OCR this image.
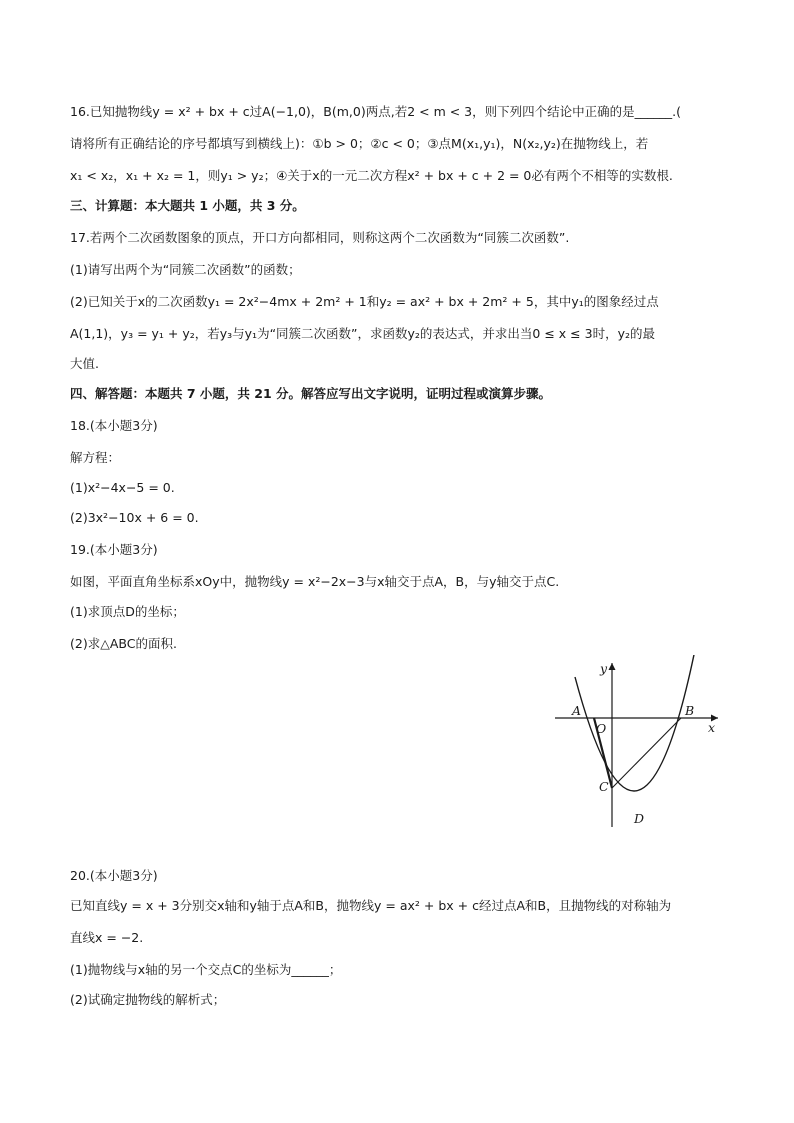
16.已知抛物线y = x² + bx + c过A(−1,0)，B(m,0)两点,若2 < m < 3，则下列四个结论中正确的是______.(
请将所有正确结论的序号都填写到横线上)：①b > 0；②c < 0；③点M(x₁,y₁)，N(x₂,y₂)在抛物线上，若
x₁ < x₂，x₁ + x₂ = 1，则y₁ > y₂；④关于x的一元二次方程x² + bx + c + 2 = 0必有两个不相等的实数根.
三、计算题：本大题共 1 小题，共 3 分。
17.若两个二次函数图象的顶点，开口方向都相同，则称这两个二次函数为“同簇二次函数”.
(1)请写出两个为“同簇二次函数”的函数；
(2)已知关于x的二次函数y₁ = 2x²−4mx + 2m² + 1和y₂ = ax² + bx + 2m² + 5，其中y₁的图象经过点
A(1,1)，y₃ = y₁ + y₂，若y₃与y₁为“同簇二次函数”，求函数y₂的表达式，并求出当0 ≤ x ≤ 3时，y₂的最
大值.
四、解答题：本题共 7 小题，共 21 分。解答应写出文字说明，证明过程或演算步骤。
18.(本小题3分)
解方程：
(1)x²−4x−5 = 0.
(2)3x²−10x + 6 = 0.
19.(本小题3分)
如图，平面直角坐标系xOy中，抛物线y = x²−2x−3与x轴交于点A，B，与y轴交于点C.
(1)求顶点D的坐标；
(2)求△ABC的面积.
20.(本小题3分)
已知直线y = x + 3分别交x轴和y轴于点A和B，抛物线y = ax² + bx + c经过点A和B，且抛物线的对称轴为
直线x = −2.
(1)抛物线与x轴的另一个交点C的坐标为______；
(2)试确定抛物线的解析式；
y
x
A
O
B
C
D
